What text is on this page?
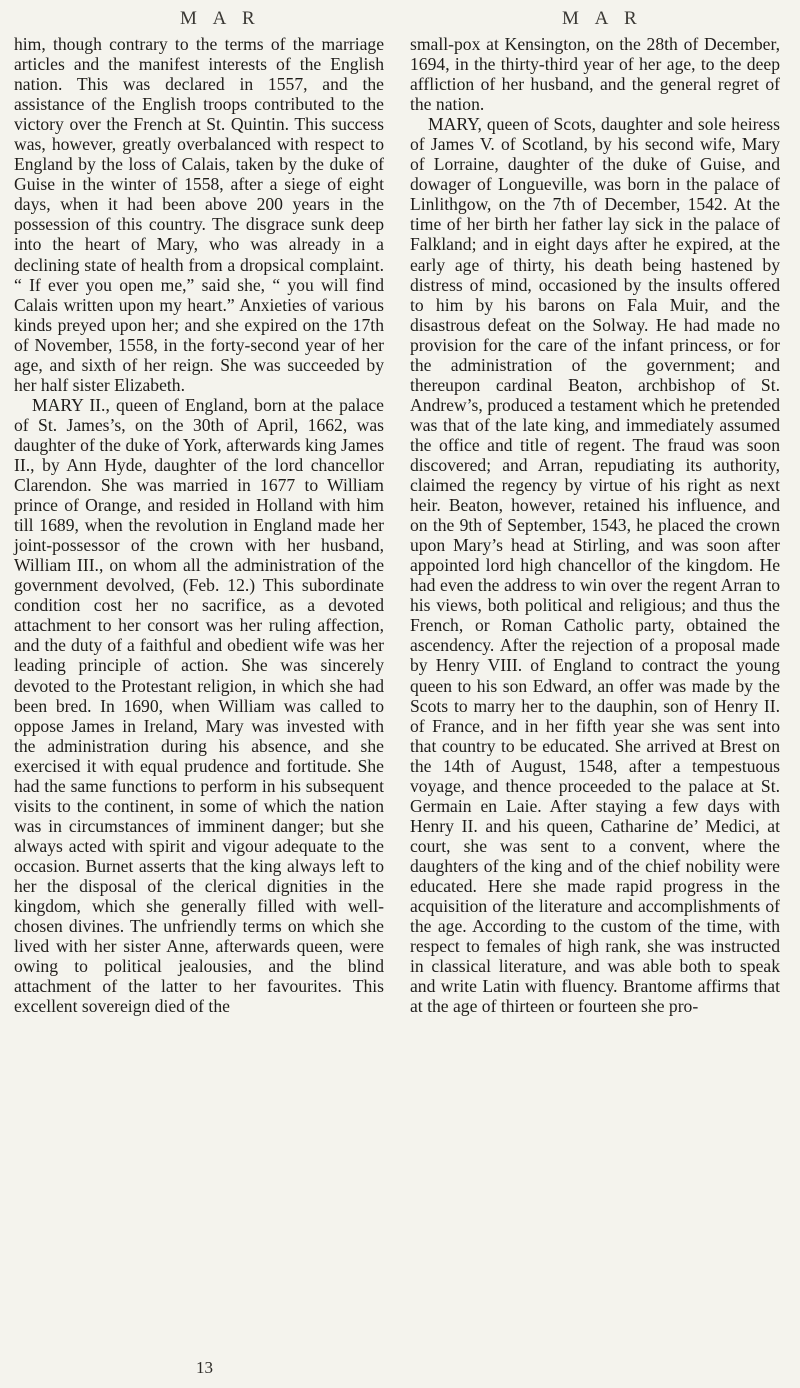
M A R	M A R

him, though contrary to the terms of the marriage articles and the manifest interests of the English nation. This was declared in 1557, and the assistance of the English troops contributed to the victory over the French at St. Quintin. This success was, however, greatly overbalanced with respect to England by the loss of Calais, taken by the duke of Guise in the winter of 1558, after a siege of eight days, when it had been above 200 years in the possession of this country. The disgrace sunk deep into the heart of Mary, who was already in a declining state of health from a dropsical complaint. “ If ever you open me,” said she, “ you will find Calais written upon my heart.” Anxieties of various kinds preyed upon her; and she expired on the 17th of November, 1558, in the forty-second year of her age, and sixth of her reign. She was succeeded by her half sister Elizabeth.

MARY II., queen of England, born at the palace of St. James’s, on the 30th of April, 1662, was daughter of the duke of York, afterwards king James II., by Ann Hyde, daughter of the lord chancellor Clarendon. She was married in 1677 to William prince of Orange, and resided in Holland with him till 1689, when the revolution in England made her joint-possessor of the crown with her husband, William III., on whom all the administration of the government devolved, (Feb. 12.) This subordinate condition cost her no sacrifice, as a devoted attachment to her consort was her ruling affection, and the duty of a faithful and obedient wife was her leading principle of action. She was sincerely devoted to the Protestant religion, in which she had been bred. In 1690, when William was called to oppose James in Ireland, Mary was invested with the administration during his absence, and she exercised it with equal prudence and fortitude. She had the same functions to perform in his subsequent visits to the continent, in some of which the nation was in circumstances of imminent danger; but she always acted with spirit and vigour adequate to the occasion. Burnet asserts that the king always left to her the disposal of the clerical dignities in the kingdom, which she generally filled with well-chosen divines. The unfriendly terms on which she lived with her sister Anne, afterwards queen, were owing to political jealousies, and the blind attachment of the latter to her favourites. This excellent sovereign died of the

small-pox at Kensington, on the 28th of December, 1694, in the thirty-third year of her age, to the deep affliction of her husband, and the general regret of the nation.

MARY, queen of Scots, daughter and sole heiress of James V. of Scotland, by his second wife, Mary of Lorraine, daughter of the duke of Guise, and dowager of Longueville, was born in the palace of Linlithgow, on the 7th of December, 1542. At the time of her birth her father lay sick in the palace of Falkland; and in eight days after he expired, at the early age of thirty, his death being hastened by distress of mind, occasioned by the insults offered to him by his barons on Fala Muir, and the disastrous defeat on the Solway. He had made no provision for the care of the infant princess, or for the administration of the government; and thereupon cardinal Beaton, archbishop of St. Andrew’s, produced a testament which he pretended was that of the late king, and immediately assumed the office and title of regent. The fraud was soon discovered; and Arran, repudiating its authority, claimed the regency by virtue of his right as next heir. Beaton, however, retained his influence, and on the 9th of September, 1543, he placed the crown upon Mary’s head at Stirling, and was soon after appointed lord high chancellor of the kingdom. He had even the address to win over the regent Arran to his views, both political and religious; and thus the French, or Roman Catholic party, obtained the ascendency. After the rejection of a proposal made by Henry VIII. of England to contract the young queen to his son Edward, an offer was made by the Scots to marry her to the dauphin, son of Henry II. of France, and in her fifth year she was sent into that country to be educated. She arrived at Brest on the 14th of August, 1548, after a tempestuous voyage, and thence proceeded to the palace at St. Germain en Laie. After staying a few days with Henry II. and his queen, Catharine de’ Medici, at court, she was sent to a convent, where the daughters of the king and of the chief nobility were educated. Here she made rapid progress in the acquisition of the literature and accomplishments of the age. According to the custom of the time, with respect to females of high rank, she was instructed in classical literature, and was able both to speak and write Latin with fluency. Brantome affirms that at the age of thirteen or fourteen she pro-

13
